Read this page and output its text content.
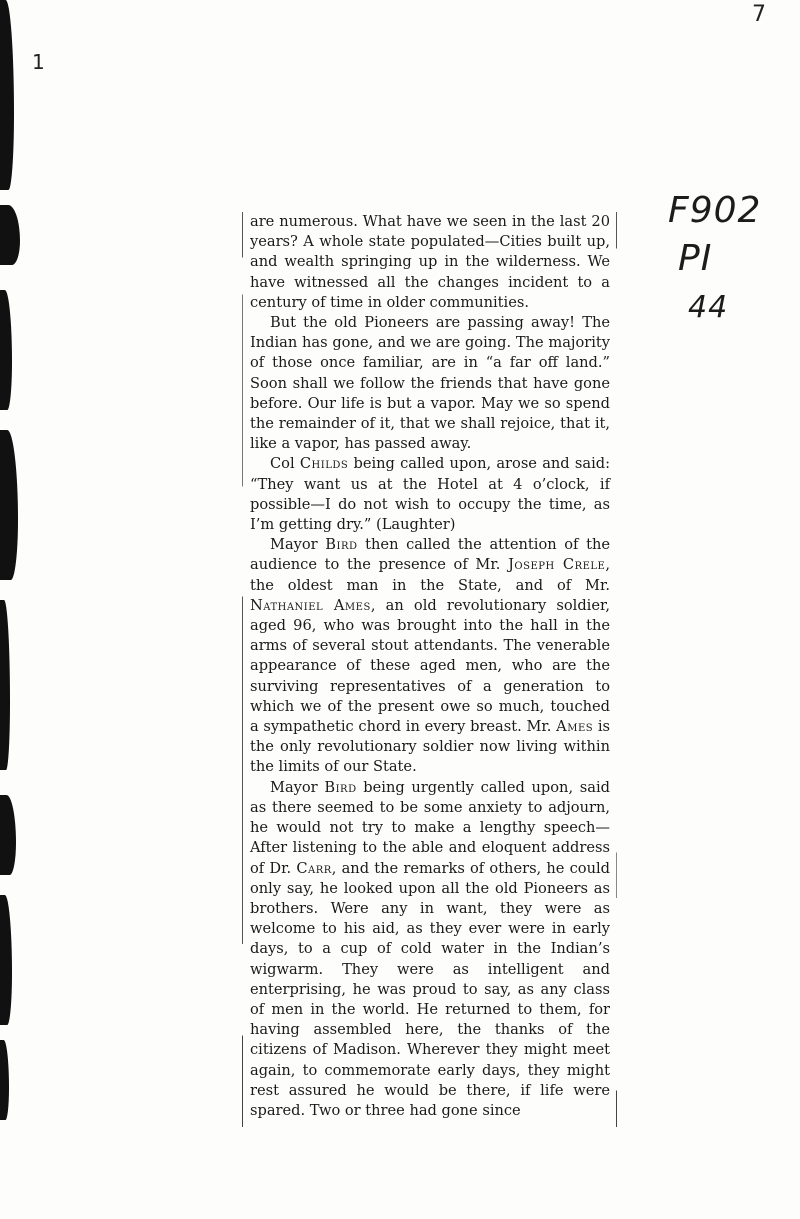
7
1
F902
PI
44

are numerous. What have we seen in the last 20 years? A whole state populated—Cities built up, and wealth springing up in the wilderness. We have witnessed all the changes incident to a century of time in older communities.

But the old Pioneers are passing away! The Indian has gone, and we are going. The majority of those once familiar, are in “a far off land.” Soon shall we follow the friends that have gone before. Our life is but a vapor. May we so spend the remainder of it, that we shall rejoice, that it, like a vapor, has passed away.

Col Childs being called upon, arose and said: “They want us at the Hotel at 4 o’clock, if possible—I do not wish to occupy the time, as I’m getting dry.” (Laughter)

Mayor Bird then called the attention of the audience to the presence of Mr. Joseph Crele, the oldest man in the State, and of Mr. Nathaniel Ames, an old revolutionary soldier, aged 96, who was brought into the hall in the arms of several stout attendants. The venerable appearance of these aged men, who are the surviving representatives of a generation to which we of the present owe so much, touched a sympathetic chord in every breast. Mr. Ames is the only revolutionary soldier now living within the limits of our State.

Mayor Bird being urgently called upon, said as there seemed to be some anxiety to adjourn, he would not try to make a lengthy speech—After listening to the able and eloquent address of Dr. Carr, and the remarks of others, he could only say, he looked upon all the old Pioneers as brothers. Were any in want, they were as welcome to his aid, as they ever were in early days, to a cup of cold water in the Indian’s wigwarm. They were as intelligent and enterprising, he was proud to say, as any class of men in the world. He returned to them, for having assembled here, the thanks of the citizens of Madison. Wherever they might meet again, to commemorate early days, they might rest assured he would be there, if life were spared. Two or three had gone since
